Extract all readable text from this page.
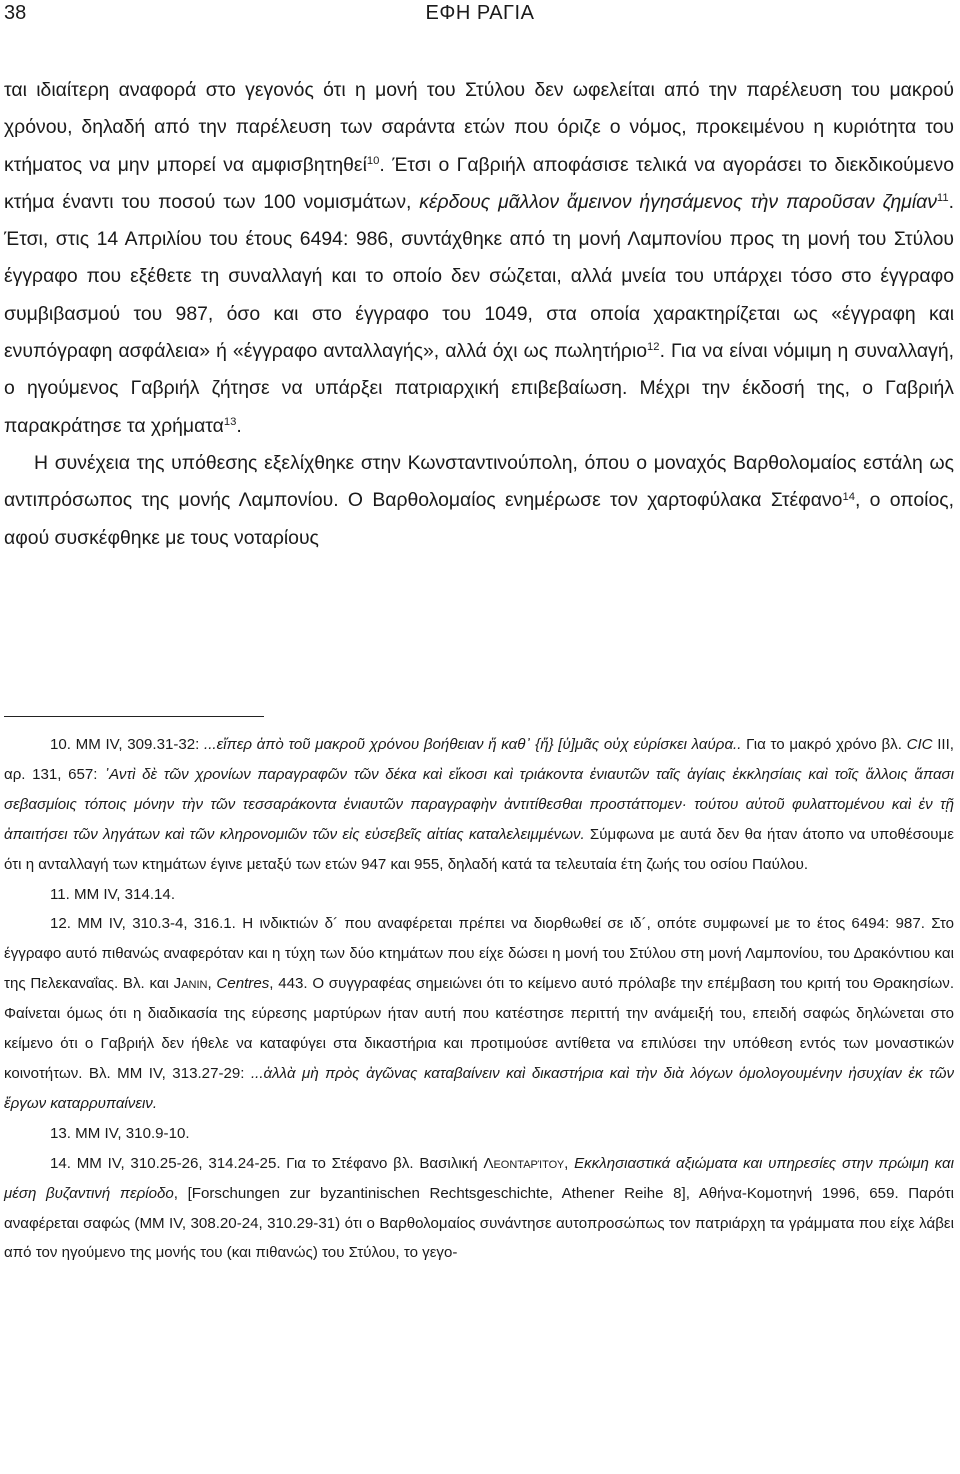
38	ΕΦΗ ΡΑΓΙΑ

ται ιδιαίτερη αναφορά στο γεγονός ότι η μονή του Στύλου δεν ωφελείται από την παρέλευση του μακρού χρόνου, δηλαδή από την παρέλευση των σαράντα ετών που όριζε ο νόμος, προκειμένου η κυριότητα του κτήματος να μην μπορεί να αμφισβητηθεί$^{10}$. Έτσι ο Γαβριήλ αποφάσισε τελικά να αγοράσει το διεκδικούμενο κτήμα έναντι του ποσού των 100 νομισμάτων, κέρδους μᾶλλον ἄμεινον ἡγησάμενος τὴν παροῦσαν ζημίαν$^{11}$. Έτσι, στις 14 Απριλίου του έτους 6494: 986, συντάχθηκε από τη μονή Λαμπονίου προς τη μονή του Στύλου έγγραφο που εξέθετε τη συναλλαγή και το οποίο δεν σώζεται, αλλά μνεία του υπάρχει τόσο στο έγγραφο συμβιβασμού του 987, όσο και στο έγγραφο του 1049, στα οποία χαρακτηρίζεται ως «έγγραφη και ενυπόγραφη ασφάλεια» ή «έγγραφο ανταλλαγής», αλλά όχι ως πωλητήριο$^{12}$. Για να είναι νόμιμη η συναλλαγή, ο ηγούμενος Γαβριήλ ζήτησε να υπάρξει πατριαρχική επιβεβαίωση. Μέχρι την έκδοσή της, ο Γαβριήλ παρακράτησε τα χρήματα$^{13}$.

Η συνέχεια της υπόθεσης εξελίχθηκε στην Κωνσταντινούπολη, όπου ο μοναχός Βαρθολομαίος εστάλη ως αντιπρόσωπος της μονής Λαμπονίου. Ο Βαρθολομαίος ενημέρωσε τον χαρτοφύλακα Στέφανο$^{14}$, ο οποίος, αφού συσκέφθηκε με τους νοταρίους

10. MM IV, 309.31-32: ...εἴπερ ἀπὸ τοῦ μακροῦ χρόνου βοήθειαν ἤ καθ᾽ {ἤ} [ὑ]μᾶς οὐχ εὑρίσκει λαύρα.. Για το μακρό χρόνο βλ. CIC III, αρ. 131, 657: ᾽Αντὶ δὲ τῶν χρονίων παραγραφῶν τῶν δέκα καὶ εἴκοσι καὶ τριάκοντα ἐνιαυτῶν ταῖς ἁγίαις ἐκκλησίαις καὶ τοῖς ἄλλοις ἅπασι σεβασμίοις τόποις μόνην τὴν τῶν τεσσαράκοντα ἐνιαυτῶν παραγραφὴν ἀντιτίθεσθαι προστάττομεν· τούτου αὐτοῦ φυλαττομένου καὶ ἐν τῇ ἀπαιτήσει τῶν ληγάτων καὶ τῶν κληρονομιῶν τῶν εἰς εὐσεβεῖς αἰτίας καταλελειμμένων. Σύμφωνα με αυτά δεν θα ήταν άτοπο να υποθέσουμε ότι η ανταλλαγή των κτημάτων έγινε μεταξύ των ετών 947 και 955, δηλαδή κατά τα τελευταία έτη ζωής του οσίου Παύλου.

11. MM IV, 314.14.

12. MM IV, 310.3-4, 316.1. Η ινδικτιών δ´ που αναφέρεται πρέπει να διορθωθεί σε ιδ´, οπότε συμφωνεί με το έτος 6494: 987. Στο έγγραφο αυτό πιθανώς αναφερόταν και η τύχη των δύο κτημάτων που είχε δώσει η μονή του Στύλου στη μονή Λαμπονίου, του Δρακόντιου και της Πελεκαναΐας. Βλ. και Janin, Centres, 443. Ο συγγραφέας σημειώνει ότι το κείμενο αυτό πρόλαβε την επέμβαση του κριτή του Θρακησίων. Φαίνεται όμως ότι η διαδικασία της εύρεσης μαρτύρων ήταν αυτή που κατέστησε περιττή την ανάμειξή του, επειδή σαφώς δηλώνεται στο κείμενο ότι ο Γαβριήλ δεν ήθελε να καταφύγει στα δικαστήρια και προτιμούσε αντίθετα να επιλύσει την υπόθεση εντός των μοναστικών κοινοτήτων. Βλ. MM IV, 313.27-29: ...ἀλλὰ μὴ πρὸς ἀγῶνας καταβαίνειν καὶ δικαστήρια καὶ τὴν διὰ λόγων ὁμολογουμένην ἠσυχίαν ἐκ τῶν ἔργων καταρρυπαίνειν.

13. MM IV, 310.9-10.

14. MM IV, 310.25-26, 314.24-25. Για το Στέφανο βλ. Βασιλική Λεονταρίτου, Εκκλησιαστικά αξιώματα και υπηρεσίες στην πρώιμη και μέση βυζαντινή περίοδο, [Forschungen zur byzantinischen Rechtsgeschichte, Athener Reihe 8], Αθήνα-Κομοτηνή 1996, 659. Παρότι αναφέρεται σαφώς (MM IV, 308.20-24, 310.29-31) ότι ο Βαρθολομαίος συνάντησε αυτοπροσώπως τον πατριάρχη τα γράμματα που είχε λάβει από τον ηγούμενο της μονής του (και πιθανώς) του Στύλου, το γεγο-
